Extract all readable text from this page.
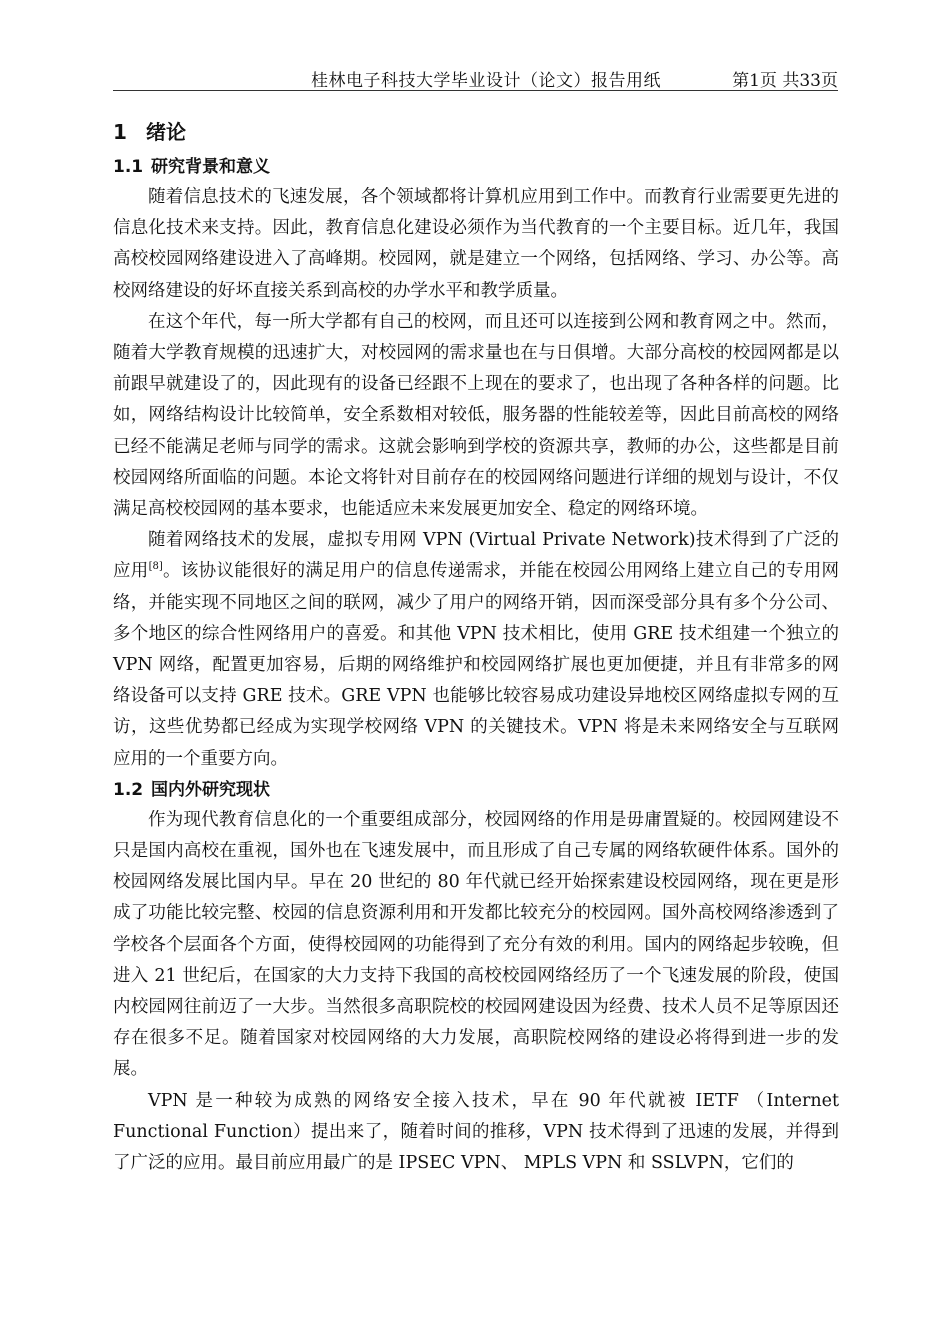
桂林电子科技大学毕业设计（论文）报告用纸	第1页 共33页
1 绪论
1.1 研究背景和意义

随着信息技术的飞速发展，各个领域都将计算机应用到工作中。而教育行业需要更先进的信息化技术来支持。因此，教育信息化建设必须作为当代教育的一个主要目标。近几年，我国高校校园网络建设进入了高峰期。校园网，就是建立一个网络，包括网络、学习、办公等。高校网络建设的好坏直接关系到高校的办学水平和教学质量。

在这个年代，每一所大学都有自己的校网，而且还可以连接到公网和教育网之中。然而，随着大学教育规模的迅速扩大，对校园网的需求量也在与日俱增。大部分高校的校园网都是以前跟早就建设了的，因此现有的设备已经跟不上现在的要求了，也出现了各种各样的问题。比如，网络结构设计比较简单，安全系数相对较低，服务器的性能较差等，因此目前高校的网络已经不能满足老师与同学的需求。这就会影响到学校的资源共享，教师的办公，这些都是目前校园网络所面临的问题。本论文将针对目前存在的校园网络问题进行详细的规划与设计，不仅满足高校校园网的基本要求，也能适应未来发展更加安全、稳定的网络环境。

随着网络技术的发展，虚拟专用网 VPN (Virtual Private Network)技术得到了广泛的应用[8]。该协议能很好的满足用户的信息传递需求，并能在校园公用网络上建立自己的专用网络，并能实现不同地区之间的联网，减少了用户的网络开销，因而深受部分具有多个分公司、多个地区的综合性网络用户的喜爱。和其他 VPN 技术相比，使用 GRE 技术组建一个独立的 VPN 网络，配置更加容易，后期的网络维护和校园网络扩展也更加便捷，并且有非常多的网络设备可以支持 GRE 技术。GRE VPN 也能够比较容易成功建设异地校区网络虚拟专网的互访，这些优势都已经成为实现学校网络 VPN 的关键技术。VPN 将是未来网络安全与互联网应用的一个重要方向。

1.2 国内外研究现状

作为现代教育信息化的一个重要组成部分，校园网络的作用是毋庸置疑的。校园网建设不只是国内高校在重视，国外也在飞速发展中，而且形成了自己专属的网络软硬件体系。国外的校园网络发展比国内早。早在 20 世纪的 80 年代就已经开始探索建设校园网络，现在更是形成了功能比较完整、校园的信息资源利用和开发都比较充分的校园网。国外高校网络渗透到了学校各个层面各个方面，使得校园网的功能得到了充分有效的利用。国内的网络起步较晚，但进入 21 世纪后，在国家的大力支持下我国的高校校园网络经历了一个飞速发展的阶段，使国内校园网往前迈了一大步。当然很多高职院校的校园网建设因为经费、技术人员不足等原因还存在很多不足。随着国家对校园网络的大力发展，高职院校网络的建设必将得到进一步的发展。

VPN 是一种较为成熟的网络安全接入技术，早在 90 年代就被 IETF （Internet Functional Function）提出来了，随着时间的推移，VPN 技术得到了迅速的发展，并得到了广泛的应用。最目前应用最广的是 IPSEC VPN、 MPLS VPN 和 SSLVPN，它们的
